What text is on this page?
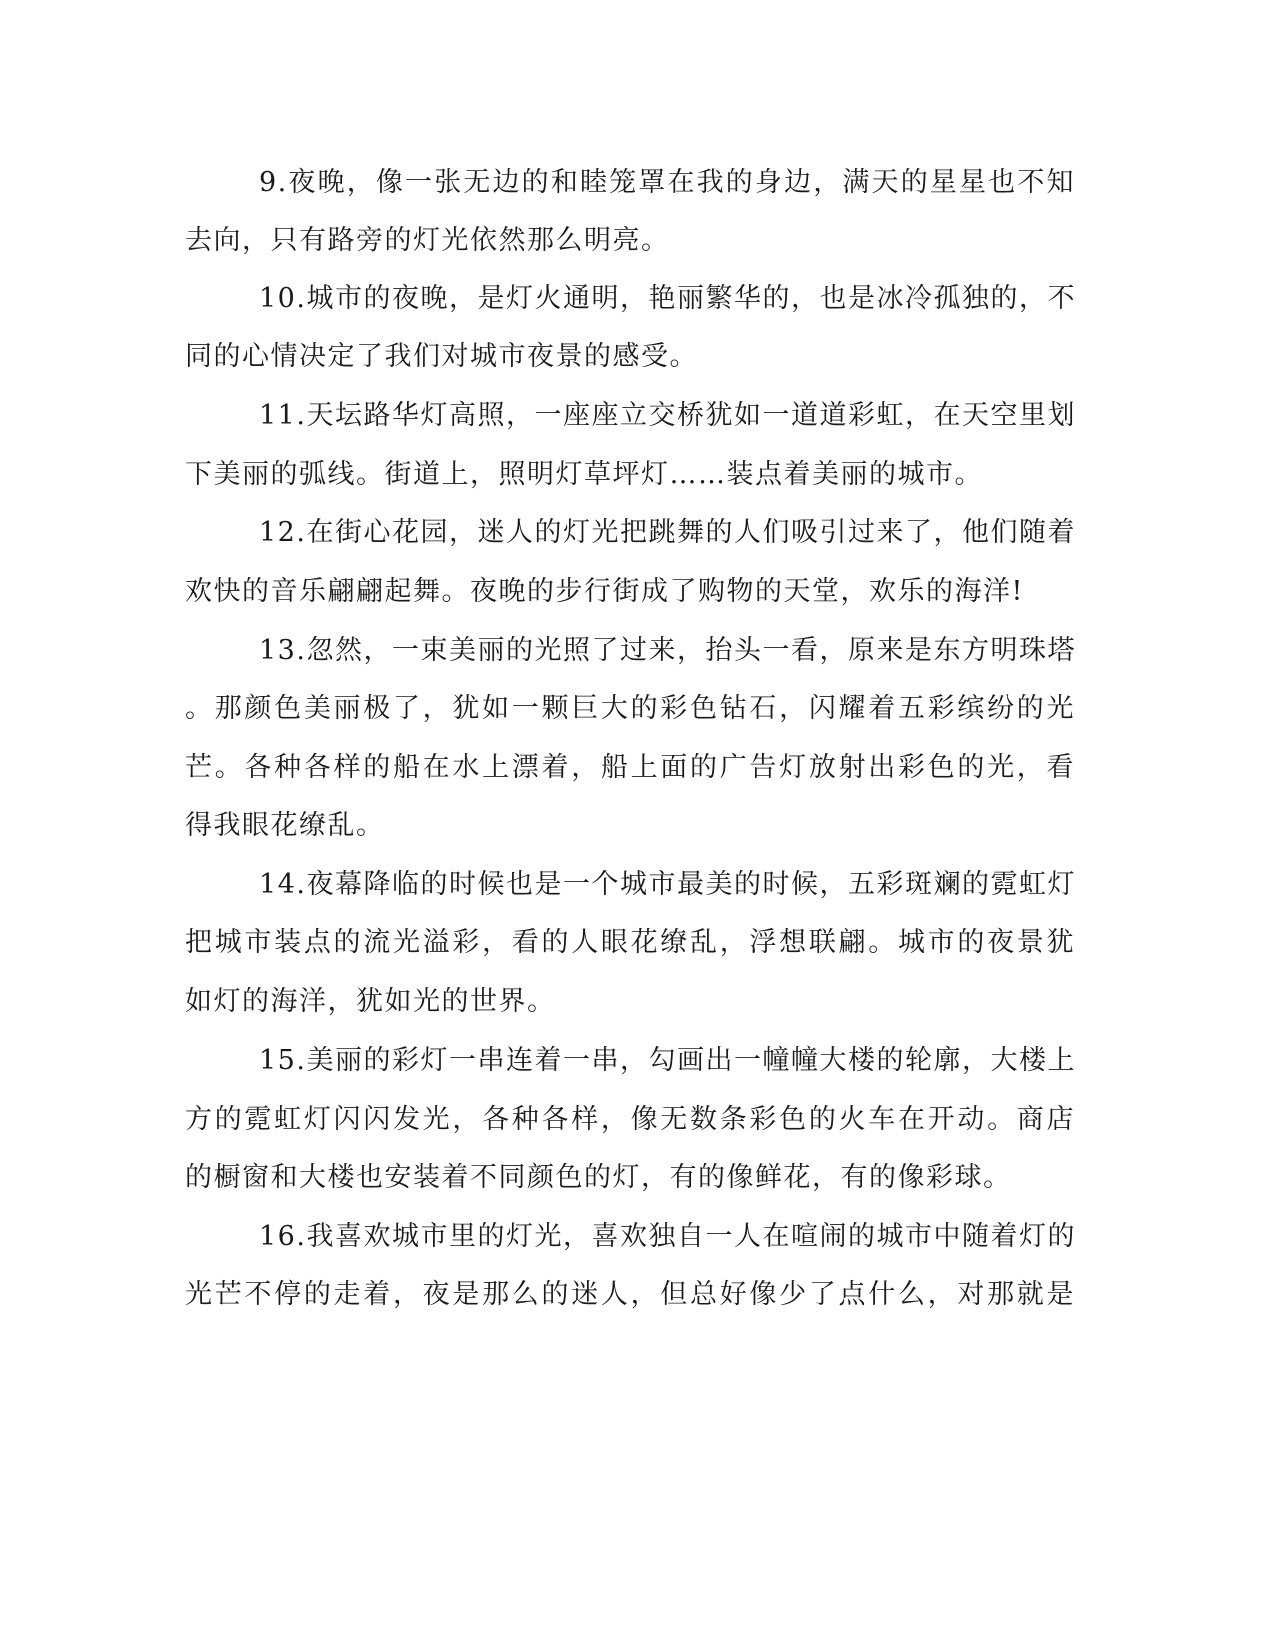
9.夜晚，像一张无边的和睦笼罩在我的身边，满天的星星也不知
去向，只有路旁的灯光依然那么明亮。
10.城市的夜晚，是灯火通明，艳丽繁华的，也是冰冷孤独的，不
同的心情决定了我们对城市夜景的感受。
11.天坛路华灯高照，一座座立交桥犹如一道道彩虹，在天空里划
下美丽的弧线。街道上，照明灯草坪灯……装点着美丽的城市。
12.在街心花园，迷人的灯光把跳舞的人们吸引过来了，他们随着
欢快的音乐翩翩起舞。夜晚的步行街成了购物的天堂，欢乐的海洋!
13.忽然，一束美丽的光照了过来，抬头一看，原来是东方明珠塔
。那颜色美丽极了，犹如一颗巨大的彩色钻石，闪耀着五彩缤纷的光
芒。各种各样的船在水上漂着，船上面的广告灯放射出彩色的光，看
得我眼花缭乱。
14.夜幕降临的时候也是一个城市最美的时候，五彩斑斓的霓虹灯
把城市装点的流光溢彩，看的人眼花缭乱，浮想联翩。城市的夜景犹
如灯的海洋，犹如光的世界。
15.美丽的彩灯一串连着一串，勾画出一幢幢大楼的轮廓，大楼上
方的霓虹灯闪闪发光，各种各样，像无数条彩色的火车在开动。商店
的橱窗和大楼也安装着不同颜色的灯，有的像鲜花，有的像彩球。
16.我喜欢城市里的灯光，喜欢独自一人在喧闹的城市中随着灯的
光芒不停的走着，夜是那么的迷人，但总好像少了点什么，对那就是
